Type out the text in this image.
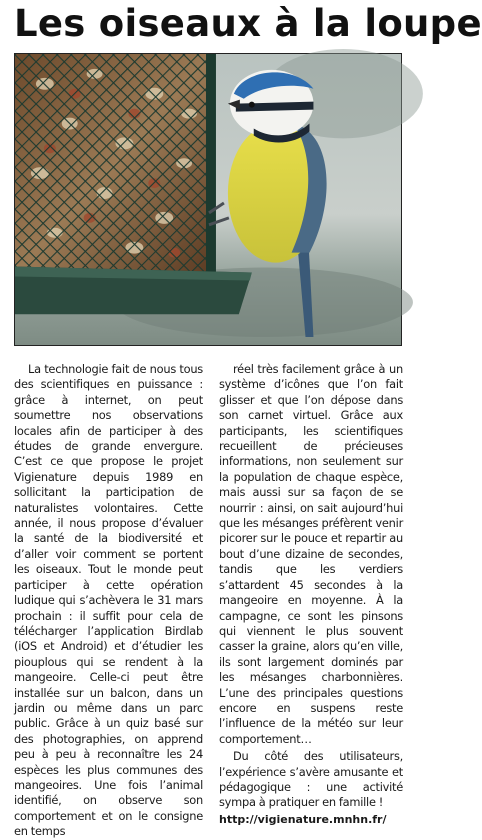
Les oiseaux à la loupe

La technologie fait de nous tous des scientifiques en puissance : grâce à internet, on peut soumettre nos observations locales afin de participer à des études de grande envergure. C’est ce que propose le projet Vigienature depuis 1989 en sollicitant la participation de naturalistes volontaires. Cette année, il nous propose d’évaluer la santé de la biodiversité et d’aller voir comment se portent les oiseaux. Tout le monde peut participer à cette opération ludique qui s’achèvera le 31 mars prochain : il suffit pour cela de télécharger l’application Birdlab (iOS et Android) et d’étudier les piouplous qui se rendent à la mangeoire. Celle-ci peut être installée sur un balcon, dans un jardin ou même dans un parc public. Grâce à un quiz basé sur des photographies, on apprend peu à peu à reconnaître les 24 espèces les plus communes des mangeoires. Une fois l’animal identifié, on observe son comportement et on le consigne en temps

réel très facilement grâce à un système d’icônes que l’on fait glisser et que l’on dépose dans son carnet virtuel. Grâce aux participants, les scientifiques recueillent de précieuses informations, non seulement sur la population de chaque espèce, mais aussi sur sa façon de se nourrir : ainsi, on sait aujourd’hui que les mésanges préfèrent venir picorer sur le pouce et repartir au bout d’une dizaine de secondes, tandis que les verdiers s’attardent 45 secondes à la mangeoire en moyenne. À la campagne, ce sont les pinsons qui viennent le plus souvent casser la graine, alors qu’en ville, ils sont largement dominés par les mésanges charbonnières. L’une des principales questions encore en suspens reste l’influence de la météo sur leur comportement…

Du côté des utilisateurs, l’expérience s’avère amusante et pédagogique : une activité sympa à pratiquer en famille !

http://vigienature.mnhn.fr/
